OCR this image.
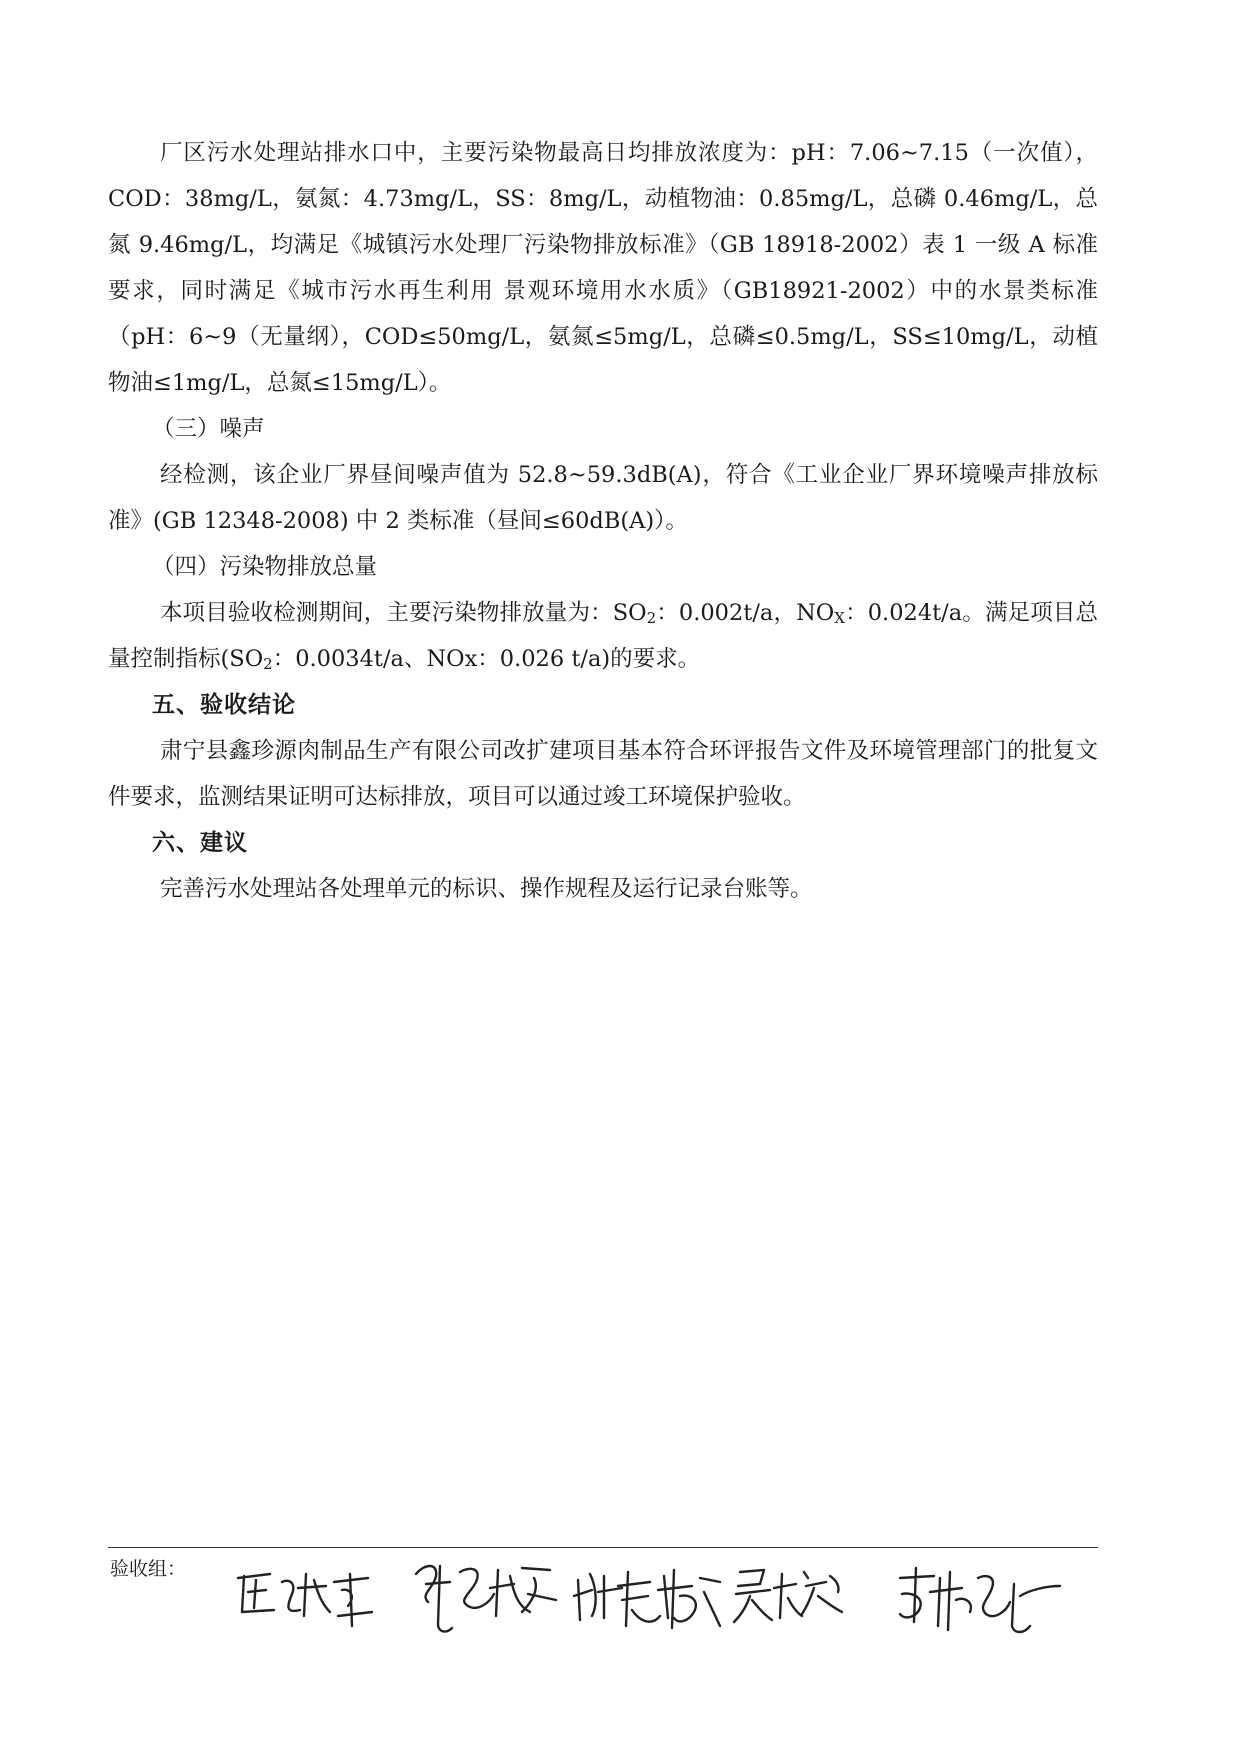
厂区污水处理站排水口中，主要污染物最高日均排放浓度为：pH：7.06~7.15（一次值），COD：38mg/L，氨氮：4.73mg/L，SS：8mg/L，动植物油：0.85mg/L，总磷 0.46mg/L，总氮 9.46mg/L，均满足《城镇污水处理厂污染物排放标准》（GB 18918-2002）表 1 一级 A 标准要求，同时满足《城市污水再生利用 景观环境用水水质》（GB18921-2002）中的水景类标准（pH：6~9（无量纲），COD≤50mg/L，氨氮≤5mg/L，总磷≤0.5mg/L，SS≤10mg/L，动植物油≤1mg/L，总氮≤15mg/L）。

（三）噪声

经检测，该企业厂界昼间噪声值为 52.8~59.3dB(A)，符合《工业企业厂界环境噪声排放标准》(GB 12348-2008) 中 2 类标准（昼间≤60dB(A)）。

（四）污染物排放总量

本项目验收检测期间，主要污染物排放量为：$SO_2$：0.002t/a，$NO_X$：0.024t/a。满足项目总量控制指标($SO_2$：0.0034t/a、NOx：0.026 t/a)的要求。

五、验收结论

肃宁县鑫珍源肉制品生产有限公司改扩建项目基本符合环评报告文件及环境管理部门的批复文件要求，监测结果证明可达标排放，项目可以通过竣工环境保护验收。

六、建议

完善污水处理站各处理单元的标识、操作规程及运行记录台账等。

验收组：
